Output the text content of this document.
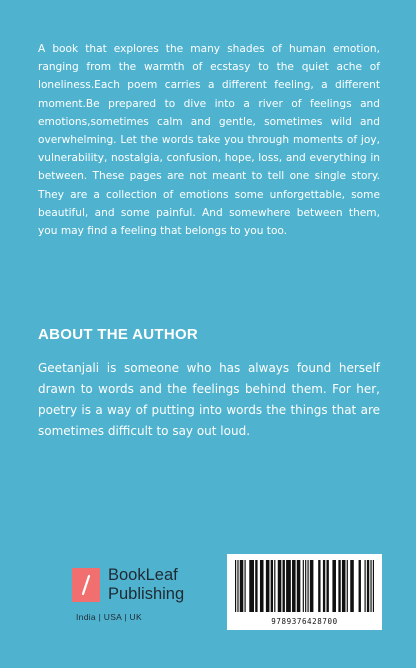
A book that explores the many shades of human emotion, ranging from the warmth of ecstasy to the quiet ache of loneliness.Each poem carries a different feeling, a different moment.Be prepared to dive into a river of feelings and emotions,sometimes calm and gentle, sometimes wild and overwhelming. Let the words take you through moments of joy, vulnerability, nostalgia, confusion, hope, loss, and everything in between. These pages are not meant to tell one single story. They are a collection of emotions some unforgettable, some beautiful, and some painful. And somewhere between them, you may find a feeling that belongs to you too.

ABOUT THE AUTHOR

Geetanjali is someone who has always found herself drawn to words and the feelings behind them. For her, poetry is a way of putting into words the things that are sometimes difficult to say out loud.

BookLeaf
Publishing
India | USA | UK	9789376428700
